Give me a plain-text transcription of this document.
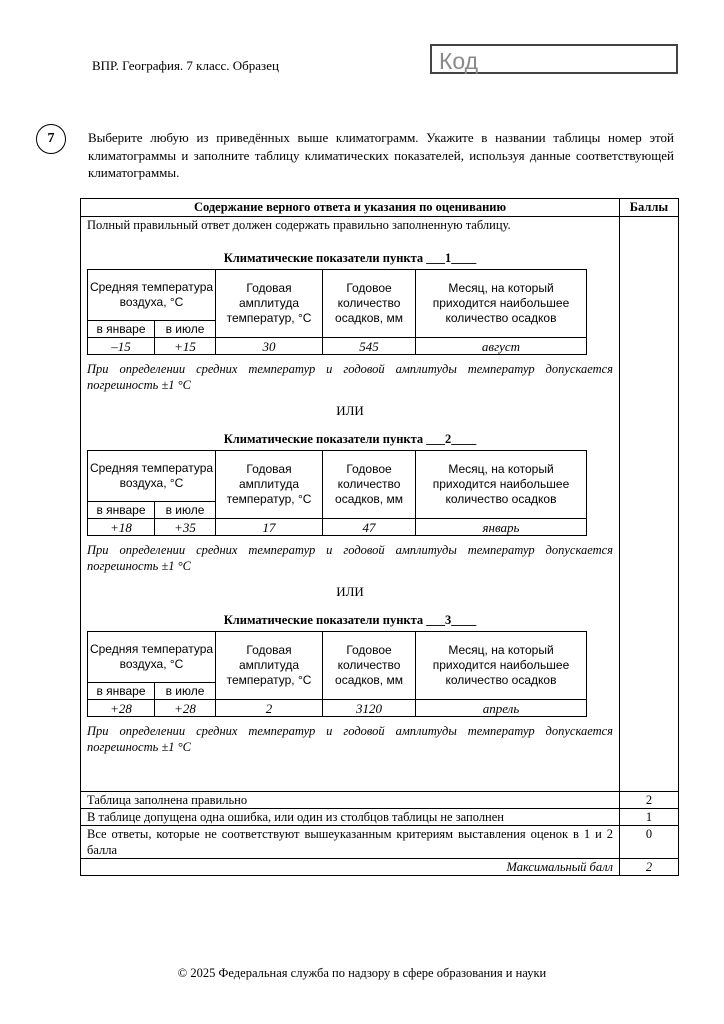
ВПР. География. 7 класс. Образец	Код
7	Выберите любую из приведённых выше климатограмм. Укажите в названии таблицы номер этой климатограммы и заполните таблицу климатических показателей, используя данные соответствующей климатограммы.
Содержание верного ответа и указания по оцениванию	Баллы

Полный правильный ответ должен содержать правильно заполненную таблицу.

Климатические показатели пункта ___1____
Средняя температура воздуха, °С	Годовая амплитуда температур, °С	Годовое количество осадков, мм	Месяц, на который приходится наибольшее количество осадков
в январе	в июле
–15	+15	30	545	август
При определении средних температур и годовой амплитуды температур допускается погрешность ±1 °С
ИЛИ
Климатические показатели пункта ___2____
Средняя температура воздуха, °С	Годовая амплитуда температур, °С	Годовое количество осадков, мм	Месяц, на который приходится наибольшее количество осадков
в январе	в июле
+18	+35	17	47	январь
При определении средних температур и годовой амплитуды температур допускается погрешность ±1 °С
ИЛИ
Климатические показатели пункта ___3____
Средняя температура воздуха, °С	Годовая амплитуда температур, °С	Годовое количество осадков, мм	Месяц, на который приходится наибольшее количество осадков
в январе	в июле
+28	+28	2	3120	апрель
При определении средних температур и годовой амплитуды температур допускается погрешность ±1 °С

Таблица заполнена правильно	2
В таблице допущена одна ошибка, или один из столбцов таблицы не заполнен	1
Все ответы, которые не соответствуют вышеуказанным критериям выставления оценок в 1 и 2 балла	0
Максимальный балл	2
© 2025 Федеральная служба по надзору в сфере образования и науки
